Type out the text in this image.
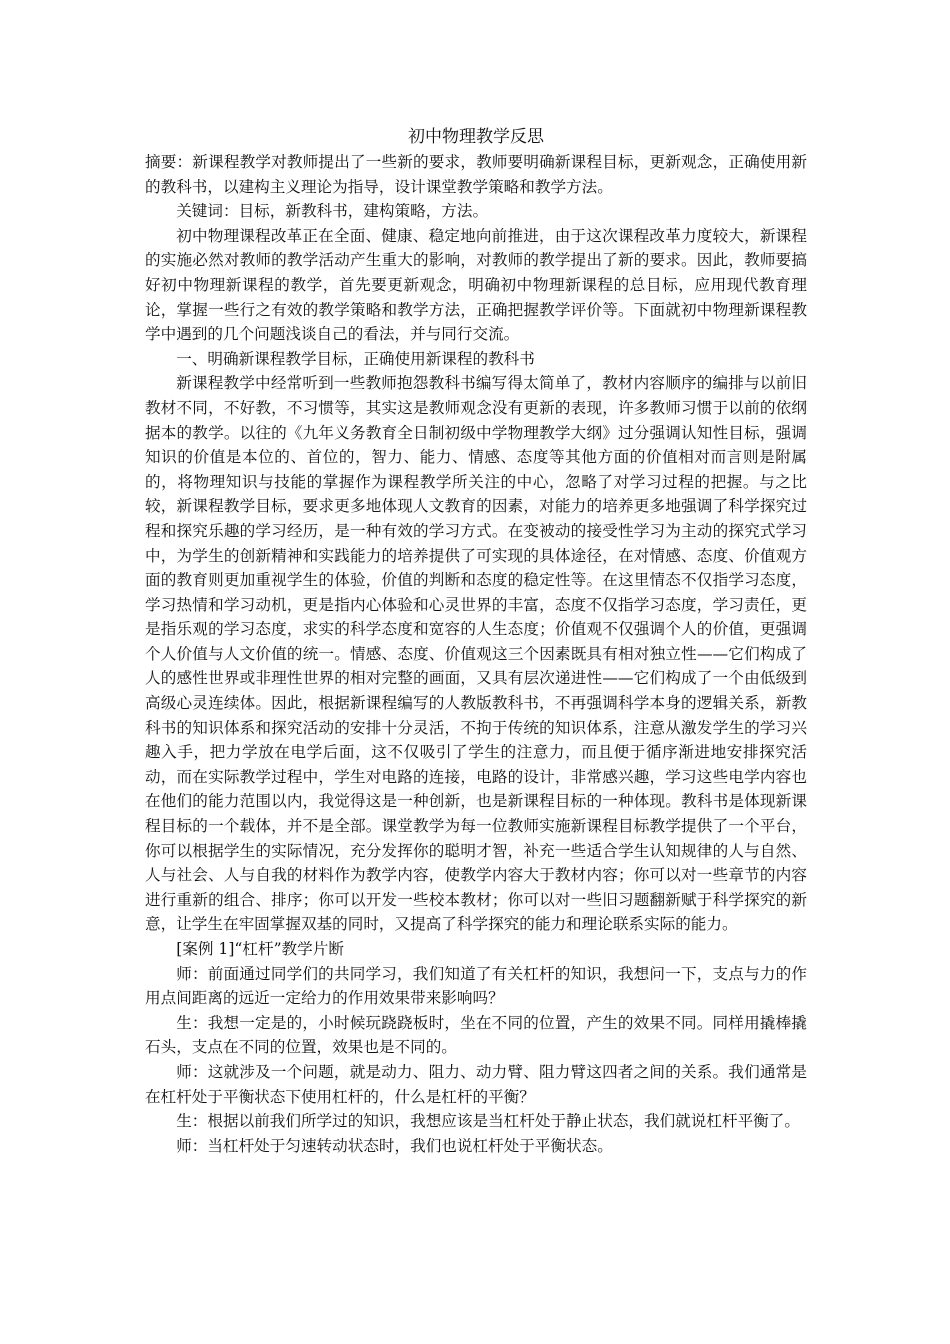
初中物理教学反思

摘要：新课程教学对教师提出了一些新的要求，教师要明确新课程目标，更新观念，正确使用新的教科书，以建构主义理论为指导，设计课堂教学策略和教学方法。

关键词：目标，新教科书，建构策略，方法。

初中物理课程改革正在全面、健康、稳定地向前推进，由于这次课程改革力度较大，新课程的实施必然对教师的教学活动产生重大的影响，对教师的教学提出了新的要求。因此，教师要搞好初中物理新课程的教学，首先要更新观念，明确初中物理新课程的总目标，应用现代教育理论，掌握一些行之有效的教学策略和教学方法，正确把握教学评价等。下面就初中物理新课程教学中遇到的几个问题浅谈自己的看法，并与同行交流。

一、明确新课程教学目标，正确使用新课程的教科书

新课程教学中经常听到一些教师抱怨教科书编写得太简单了，教材内容顺序的编排与以前旧教材不同，不好教，不习惯等，其实这是教师观念没有更新的表现，许多教师习惯于以前的依纲据本的教学。以往的《九年义务教育全日制初级中学物理教学大纲》过分强调认知性目标，强调知识的价值是本位的、首位的，智力、能力、情感、态度等其他方面的价值相对而言则是附属的，将物理知识与技能的掌握作为课程教学所关注的中心，忽略了对学习过程的把握。与之比较，新课程教学目标，要求更多地体现人文教育的因素，对能力的培养更多地强调了科学探究过程和探究乐趣的学习经历，是一种有效的学习方式。在变被动的接受性学习为主动的探究式学习中，为学生的创新精神和实践能力的培养提供了可实现的具体途径，在对情感、态度、价值观方面的教育则更加重视学生的体验，价值的判断和态度的稳定性等。在这里情态不仅指学习态度，学习热情和学习动机，更是指内心体验和心灵世界的丰富，态度不仅指学习态度，学习责任，更是指乐观的学习态度，求实的科学态度和宽容的人生态度；价值观不仅强调个人的价值，更强调个人价值与人文价值的统一。情感、态度、价值观这三个因素既具有相对独立性——它们构成了人的感性世界或非理性世界的相对完整的画面，又具有层次递进性——它们构成了一个由低级到高级心灵连续体。因此，根据新课程编写的人教版教科书，不再强调科学本身的逻辑关系，新教科书的知识体系和探究活动的安排十分灵活，不拘于传统的知识体系，注意从激发学生的学习兴趣入手，把力学放在电学后面，这不仅吸引了学生的注意力，而且便于循序渐进地安排探究活动，而在实际教学过程中，学生对电路的连接，电路的设计，非常感兴趣，学习这些电学内容也在他们的能力范围以内，我觉得这是一种创新，也是新课程目标的一种体现。教科书是体现新课程目标的一个载体，并不是全部。课堂教学为每一位教师实施新课程目标教学提供了一个平台，你可以根据学生的实际情况，充分发挥你的聪明才智，补充一些适合学生认知规律的人与自然、人与社会、人与自我的材料作为教学内容，使教学内容大于教材内容；你可以对一些章节的内容进行重新的组合、排序；你可以开发一些校本教材；你可以对一些旧习题翻新赋于科学探究的新意，让学生在牢固掌握双基的同时，又提高了科学探究的能力和理论联系实际的能力。

[案例 1]“杠杆”教学片断

师：前面通过同学们的共同学习，我们知道了有关杠杆的知识，我想问一下，支点与力的作用点间距离的远近一定给力的作用效果带来影响吗？

生：我想一定是的，小时候玩跷跷板时，坐在不同的位置，产生的效果不同。同样用撬棒撬石头，支点在不同的位置，效果也是不同的。

师：这就涉及一个问题，就是动力、阻力、动力臂、阻力臂这四者之间的关系。我们通常是在杠杆处于平衡状态下使用杠杆的，什么是杠杆的平衡？

生：根据以前我们所学过的知识，我想应该是当杠杆处于静止状态，我们就说杠杆平衡了。

师：当杠杆处于匀速转动状态时，我们也说杠杆处于平衡状态。
